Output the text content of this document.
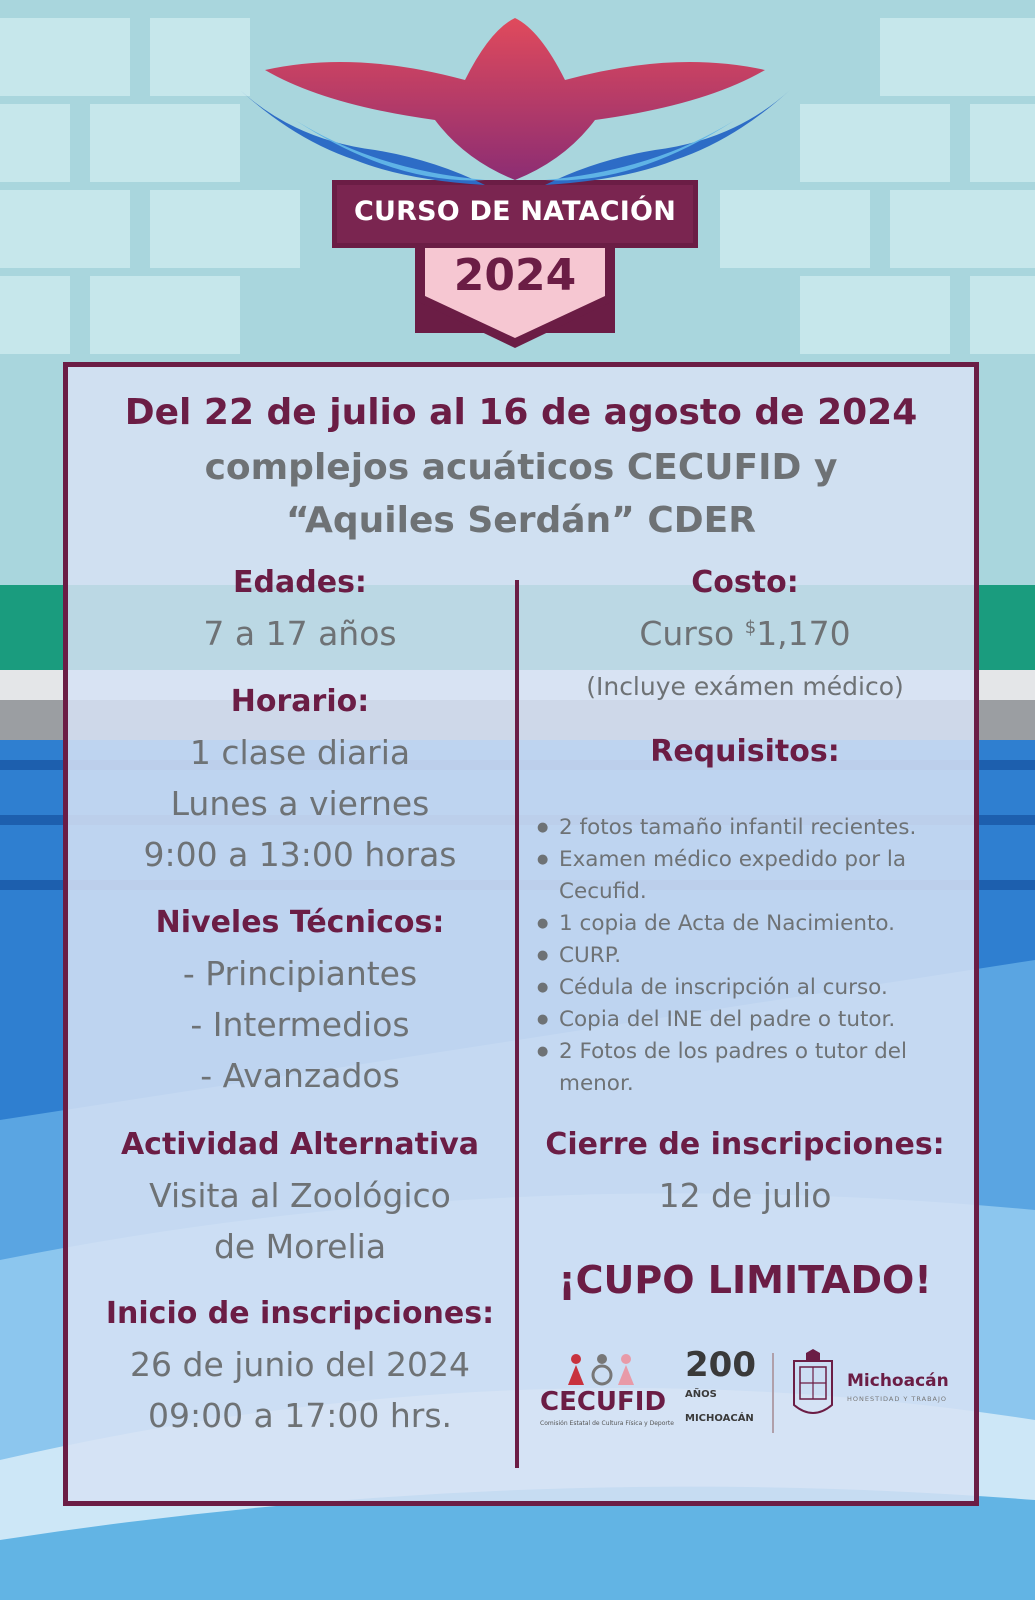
CURSO DE NATACIÓN
2024
Del 22 de julio al 16 de agosto de 2024
complejos acuáticos CECUFID y
“Aquiles Serdán” CDER
Edades:
7 a 17 años
Horario:
1 clase diaria
Lunes a viernes
9:00 a 13:00 horas
Niveles Técnicos:
- Principiantes
- Intermedios
- Avanzados
Actividad Alternativa
Visita al Zoológico
de Morelia
Inicio de inscripciones:
26 de junio del 2024
09:00 a 17:00 hrs.
Costo:
Curso $1,170
(Incluye exámen médico)
Requisitos:
● 2 fotos tamaño infantil recientes.
● Examen médico expedido por la Cecufid.
● 1 copia de Acta de Nacimiento.
● CURP.
● Cédula de inscripción al curso.
● Copia del INE del padre o tutor.
● 2 Fotos de los padres o tutor del menor.
Cierre de inscripciones:
12 de julio
¡CUPO LIMITADO!
CECUFID
Comisión Estatal de Cultura Física y Deporte
200
AÑOS
MICHOACÁN
Michoacán
HONESTIDAD Y TRABAJO
